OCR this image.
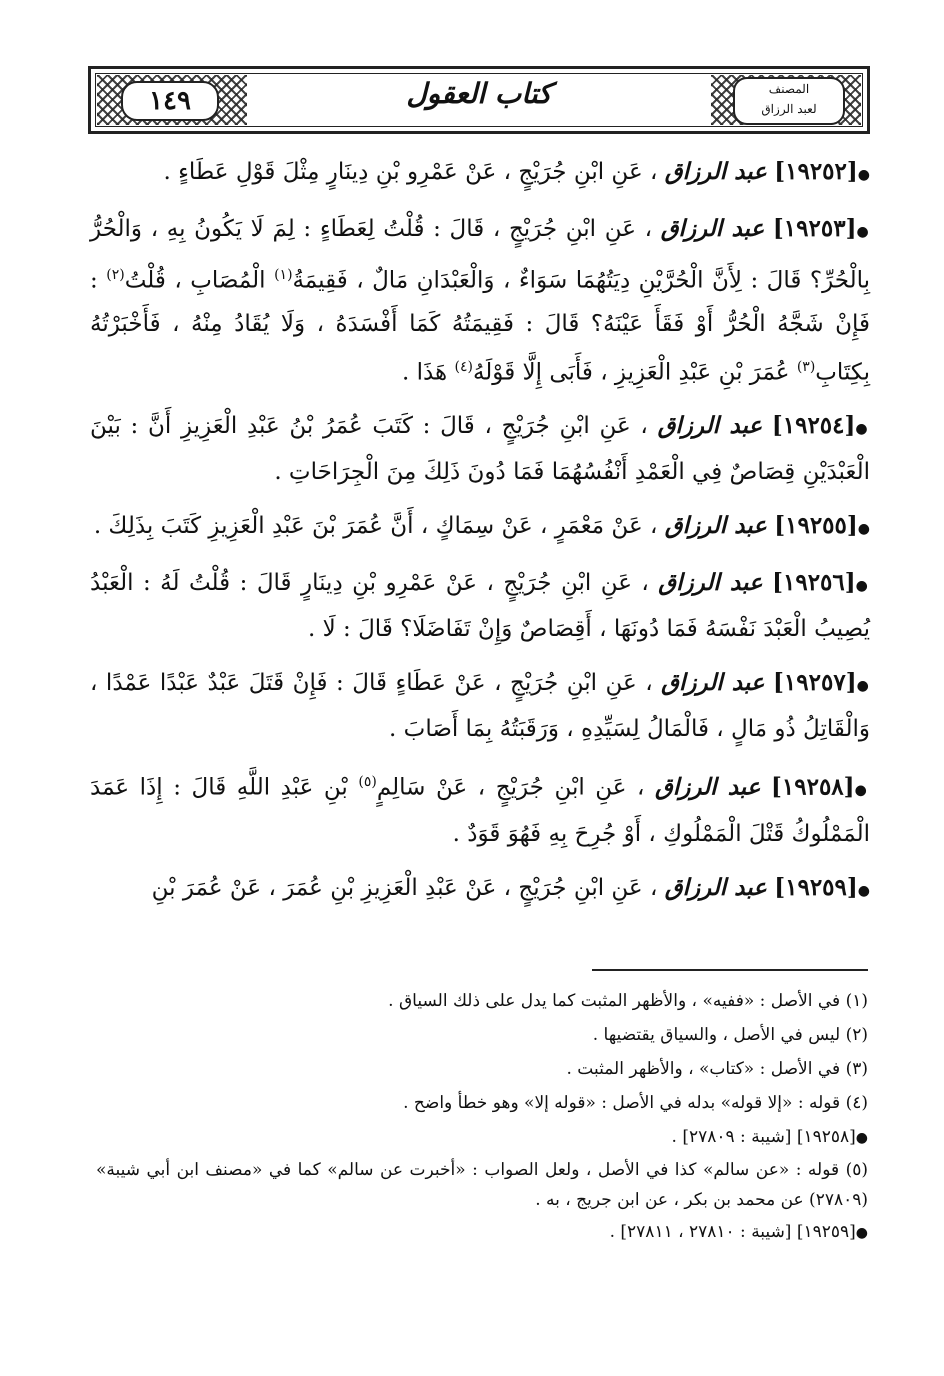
١٤٩	كتاب العقول	المصنف
لعبد الرزاق

●[١٩٢٥٢] عبد الرزاق ، عَنِ ابْنِ جُرَيْجٍ ، عَنْ عَمْرِو بْنِ دِينَارٍ مِثْلَ قَوْلِ عَطَاءٍ .

●[١٩٢٥٣] عبد الرزاق ، عَنِ ابْنِ جُرَيْجٍ ، قَالَ : قُلْتُ لِعَطَاءٍ : لِمَ لَا يَكُونُ بِهِ ، وَالْحُرُّ بِالْحُرِّ؟ قَالَ : لِأَنَّ الْحُرَّيْنِ دِيَتُهُمَا سَوَاءٌ ، وَالْعَبْدَانِ مَالٌ ، فَقِيمَةُ$^{(١)}$ الْمُصَابِ ، قُلْتُ$^{(٢)}$ : فَإِنْ شَجَّهُ الْحُرُّ أَوْ فَقَأَ عَيْنَهُ؟ قَالَ : فَقِيمَتُهُ كَمَا أَفْسَدَهُ ، وَلَا يُقَادُ مِنْهُ ، فَأَخْبَرْتُهُ بِكِتَابِ$^{(٣)}$ عُمَرَ بْنِ عَبْدِ الْعَزِيزِ ، فَأَبَى إِلَّا قَوْلَهُ$^{(٤)}$ هَذَا .

●[١٩٢٥٤] عبد الرزاق ، عَنِ ابْنِ جُرَيْجٍ ، قَالَ : كَتَبَ عُمَرُ بْنُ عَبْدِ الْعَزِيزِ أَنَّ : بَيْنَ الْعَبْدَيْنِ قِصَاصٌ فِي الْعَمْدِ أَنْفُسُهُمَا فَمَا دُونَ ذَلِكَ مِنَ الْجِرَاحَاتِ .

●[١٩٢٥٥] عبد الرزاق ، عَنْ مَعْمَرٍ ، عَنْ سِمَاكٍ ، أَنَّ عُمَرَ بْنَ عَبْدِ الْعَزِيزِ كَتَبَ بِذَلِكَ .

●[١٩٢٥٦] عبد الرزاق ، عَنِ ابْنِ جُرَيْجٍ ، عَنْ عَمْرِو بْنِ دِينَارٍ قَالَ : قُلْتُ لَهُ : الْعَبْدُ يُصِيبُ الْعَبْدَ نَفْسَهُ فَمَا دُونَهَا ، أَقِصَاصٌ وَإِنْ تَفَاضَلَا؟ قَالَ : لَا .

●[١٩٢٥٧] عبد الرزاق ، عَنِ ابْنِ جُرَيْجٍ ، عَنْ عَطَاءٍ قَالَ : فَإِنْ قَتَلَ عَبْدٌ عَبْدًا عَمْدًا ، وَالْقَاتِلُ ذُو مَالٍ ، فَالْمَالُ لِسَيِّدِهِ ، وَرَقَبَتُهُ بِمَا أَصَابَ .

●[١٩٢٥٨] عبد الرزاق ، عَنِ ابْنِ جُرَيْجٍ ، عَنْ سَالِمٍ$^{(٥)}$ بْنِ عَبْدِ اللَّهِ قَالَ : إِذَا عَمَدَ الْمَمْلُوكُ قَتْلَ الْمَمْلُوكِ ، أَوْ جُرِحَ بِهِ فَهُوَ قَوَدٌ .

●[١٩٢٥٩] عبد الرزاق ، عَنِ ابْنِ جُرَيْجٍ ، عَنْ عَبْدِ الْعَزِيزِ بْنِ عُمَرَ ، عَنْ عُمَرَ بْنِ

(١) في الأصل : «ففيه» ، والأظهر المثبت كما يدل على ذلك السياق .

(٢) ليس في الأصل ، والسياق يقتضيها .

(٣) في الأصل : «كتاب» ، والأظهر المثبت .

(٤) قوله : «إلا قوله» بدله في الأصل : «قوله إلا» وهو خطأ واضح .

●[١٩٢٥٨] [شيبة : ٢٧٨٠٩] .

(٥) قوله : «عن سالم» كذا في الأصل ، ولعل الصواب : «أخبرت عن سالم» كما في «مصنف ابن أبي شيبة» (٢٧٨٠٩) عن محمد بن بكر ، عن ابن جريج ، به .

●[١٩٢٥٩] [شيبة : ٢٧٨١٠ ، ٢٧٨١١] .
